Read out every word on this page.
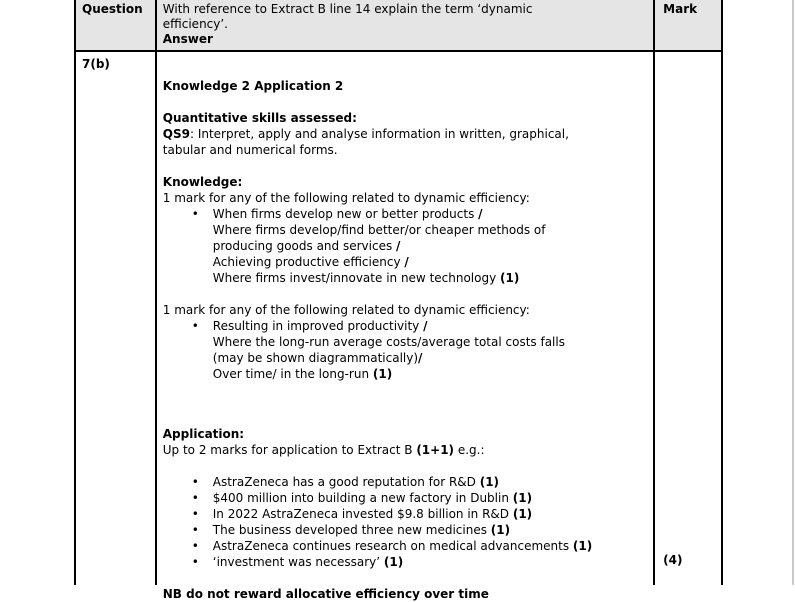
Question	With reference to Extract B line 14 explain the term ‘dynamic efficiency’.
Answer
Mark
7(b)
Knowledge 2 Application 2
Quantitative skills assessed:
QS9: Interpret, apply and analyse information in written, graphical,
tabular and numerical forms.
Knowledge:
1 mark for any of the following related to dynamic efficiency:
• When firms develop new or better products /
Where firms develop/find better/or cheaper methods of
producing goods and services /
Achieving productive efficiency /
Where firms invest/innovate in new technology (1)
1 mark for any of the following related to dynamic efficiency:
• Resulting in improved productivity /
Where the long-run average costs/average total costs falls
(may be shown diagrammatically)/
Over time/ in the long-run (1)
Application:
Up to 2 marks for application to Extract B (1+1) e.g.:
• AstraZeneca has a good reputation for R&D (1)
• $400 million into building a new factory in Dublin (1)
• In 2022 AstraZeneca invested $9.8 billion in R&D (1)
• The business developed three new medicines (1)
• AstraZeneca continues research on medical advancements (1)
• ‘investment was necessary’ (1)
NB do not reward allocative efficiency over time
(4)
